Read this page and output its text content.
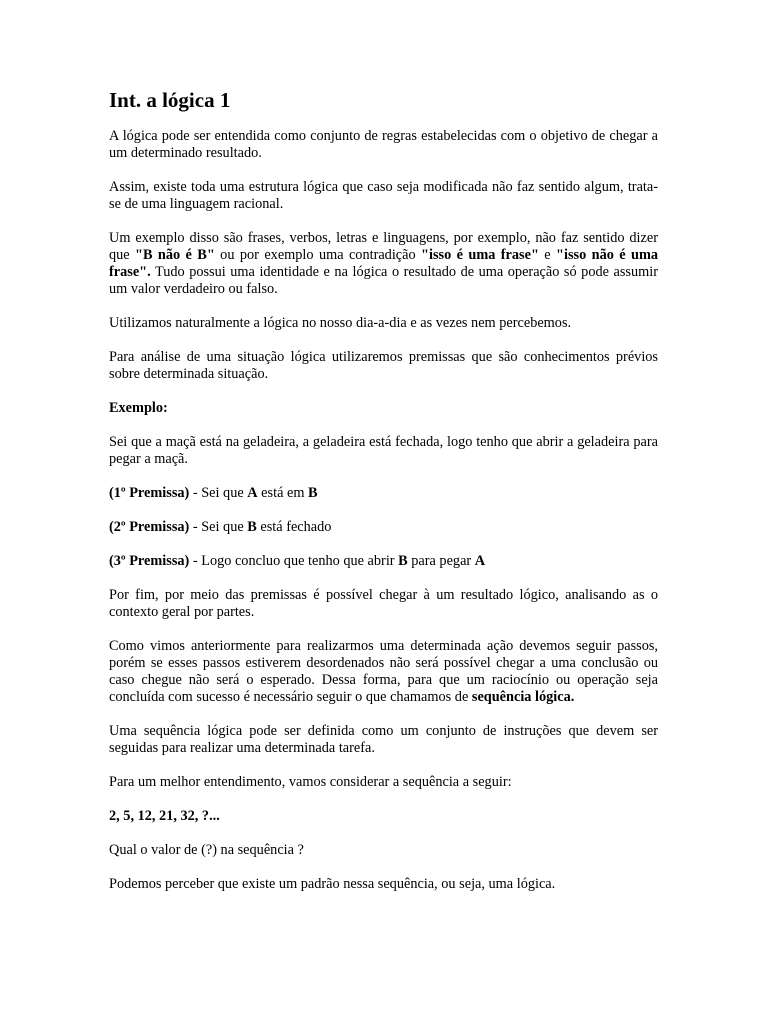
Int. a lógica 1

A lógica pode ser entendida como conjunto de regras estabelecidas com o objetivo de chegar a um determinado resultado.

Assim, existe toda uma estrutura lógica que caso seja modificada não faz sentido algum, trata-se de uma linguagem racional.

Um exemplo disso são frases, verbos, letras e linguagens, por exemplo, não faz sentido dizer que "B não é B" ou por exemplo uma contradição "isso é uma frase" e "isso não é uma frase". Tudo possui uma identidade e na lógica o resultado de uma operação só pode assumir um valor verdadeiro ou falso.

Utilizamos naturalmente a lógica no nosso dia-a-dia e as vezes nem percebemos.

Para análise de uma situação lógica utilizaremos premissas que são conhecimentos prévios sobre determinada situação.

Exemplo:

Sei que a maçã está na geladeira, a geladeira está fechada, logo tenho que abrir a geladeira para pegar a maçã.

(1º Premissa) - Sei que A está em B

(2º Premissa) - Sei que B está fechado

(3º Premissa) - Logo concluo que tenho que abrir B para pegar A

Por fim, por meio das premissas é possível chegar à um resultado lógico, analisando as o contexto geral por partes.

Como vimos anteriormente para realizarmos uma determinada ação devemos seguir passos, porém se esses passos estiverem desordenados não será possível chegar a uma conclusão ou caso chegue não será o esperado. Dessa forma, para que um raciocínio ou operação seja concluída com sucesso é necessário seguir o que chamamos de sequência lógica.

Uma sequência lógica pode ser definida como um conjunto de instruções que devem ser seguidas para realizar uma determinada tarefa.

Para um melhor entendimento, vamos considerar a sequência a seguir:

2, 5, 12, 21, 32, ?...

Qual o valor de (?) na sequência ?

Podemos perceber que existe um padrão nessa sequência, ou seja, uma lógica.
